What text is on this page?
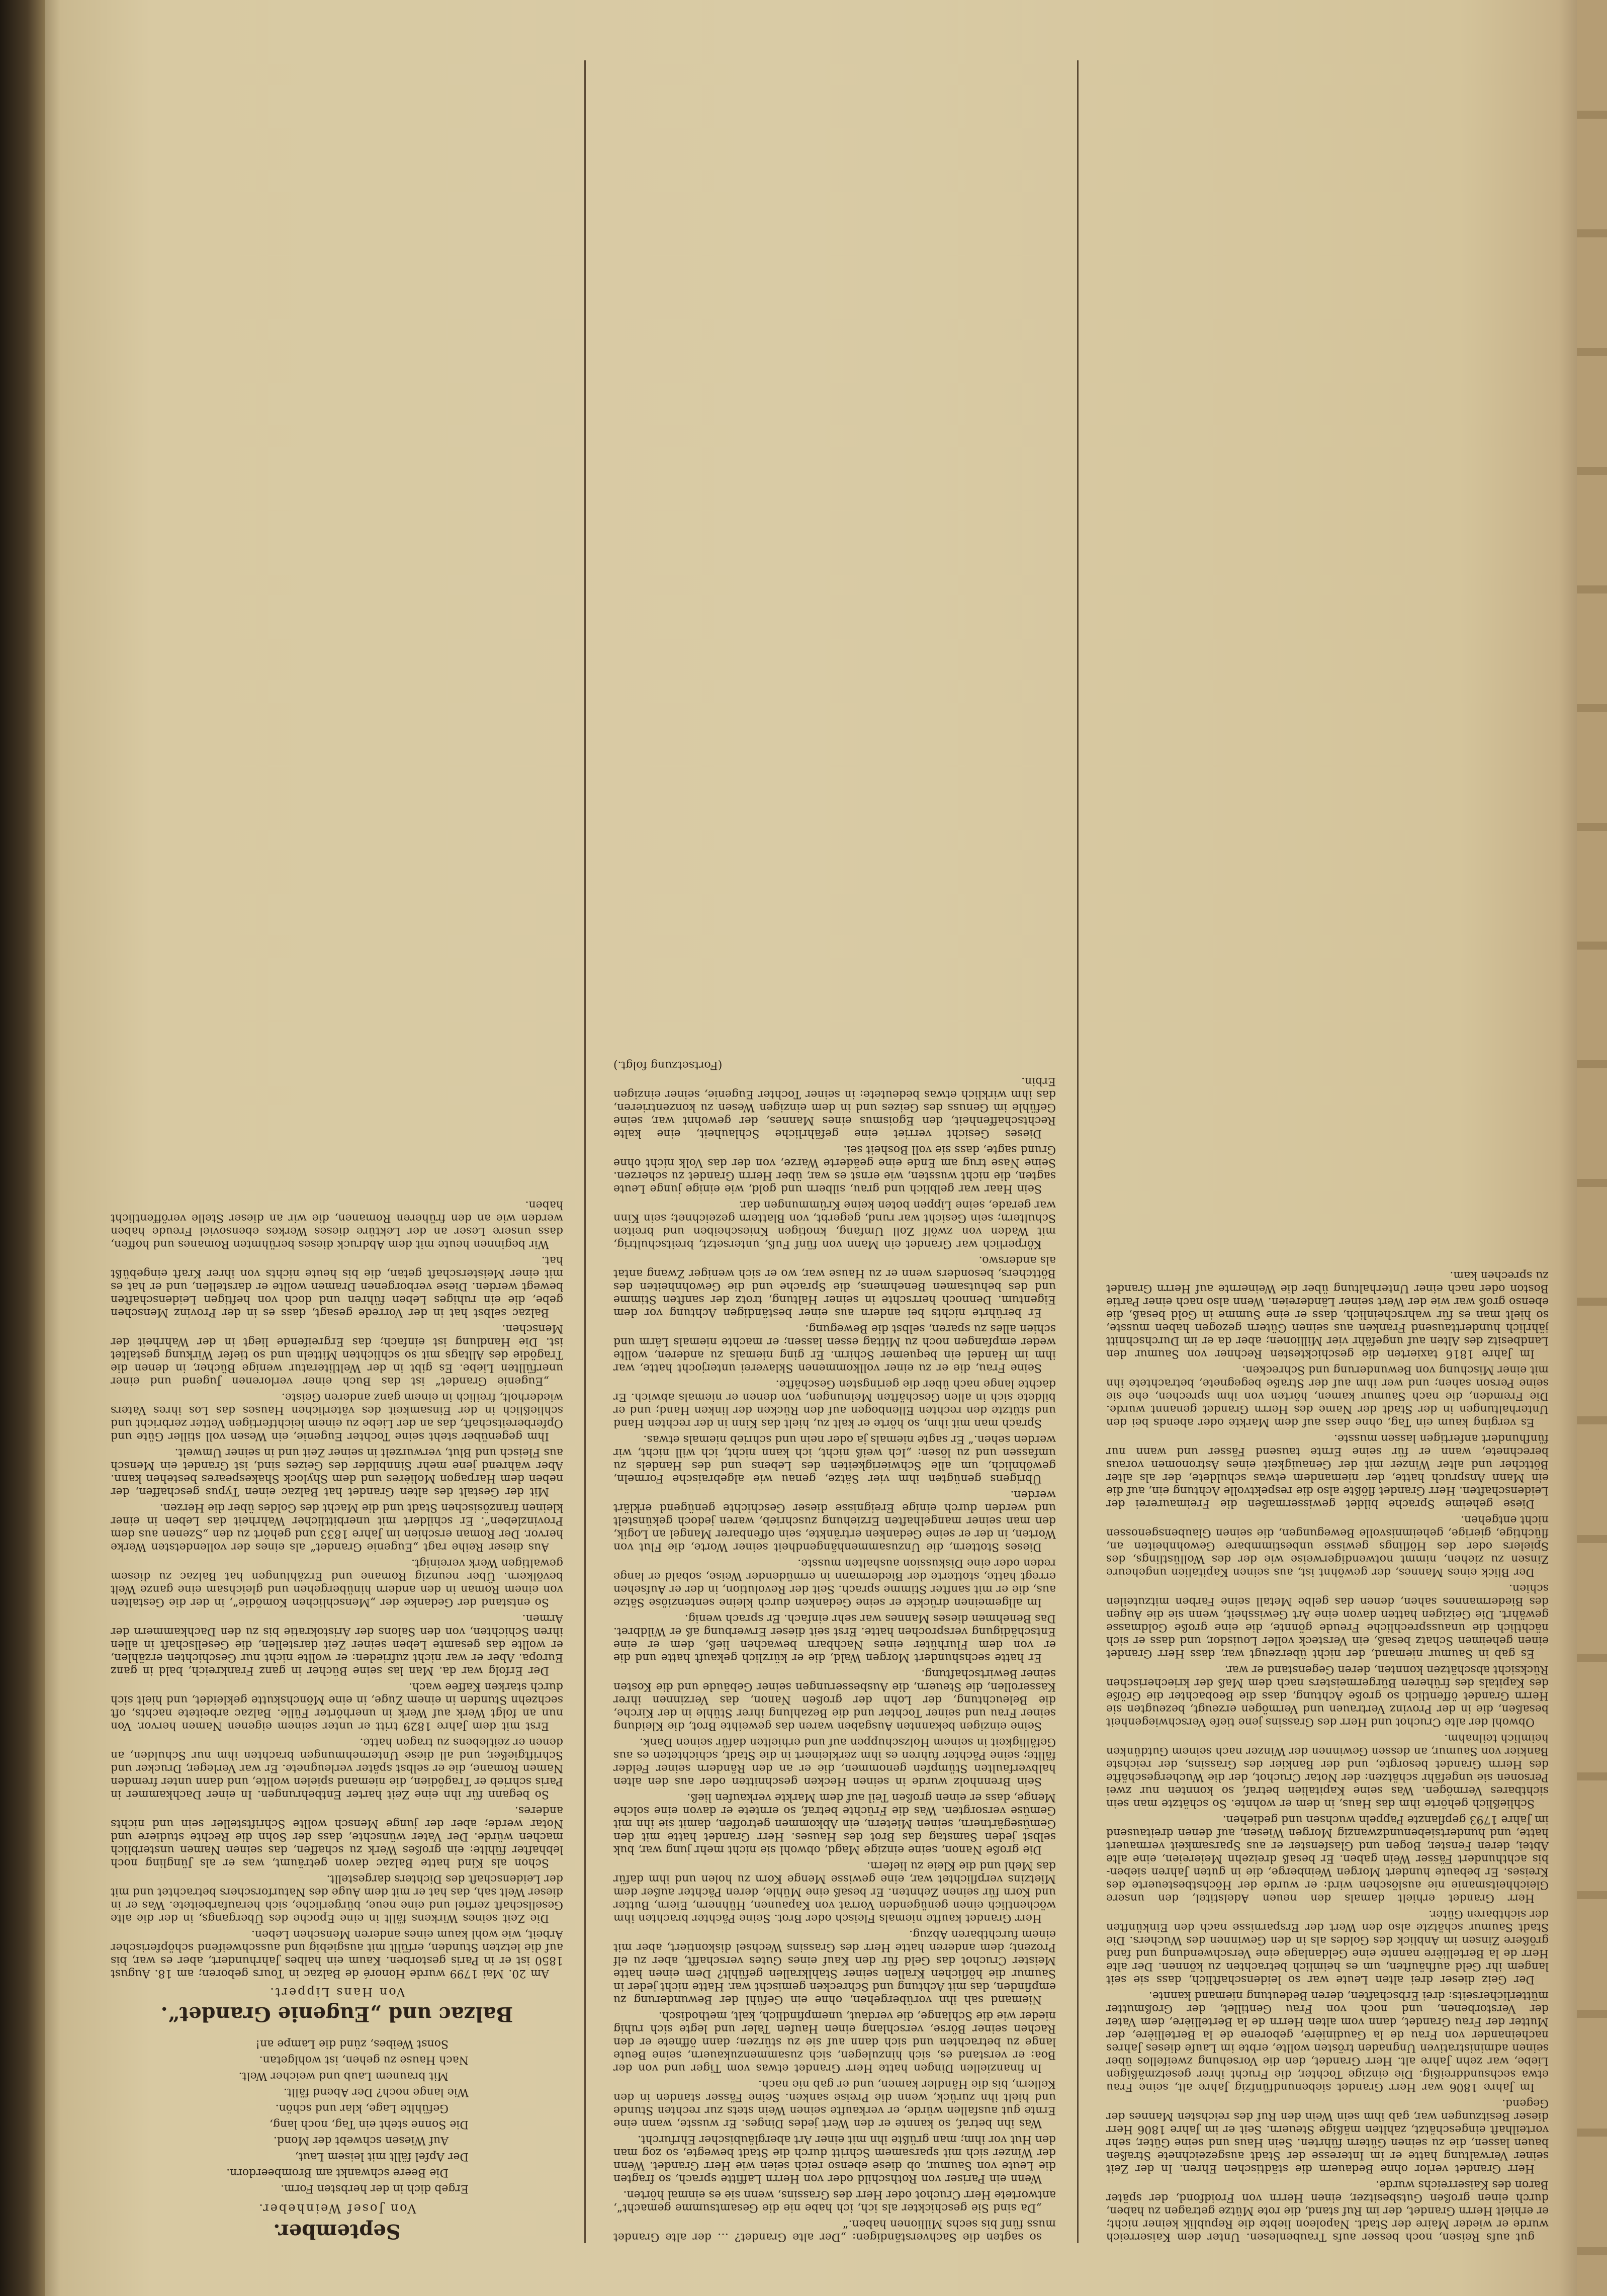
gut aufs Reisen, noch besser aufs Traubenlesen. Unter dem Kaiserreich wurde er wieder Maire der Stadt. Napoleon liebte die Republik keiner nicht; er erhielt Herrn Grandet, der im Ruf stand, die rote Mütze getragen zu haben, durch einen großen Gutsbesitzer, einen Herrn von Froidfond, der später Baron des Kaiserreichs wurde.

Herr Grandet verlor ohne Bedauern die städtischen Ehren. In der Zeit seiner Verwaltung hatte er im Interesse der Stadt ausgezeichnete Straßen bauen lassen, die zu seinen Gütern führten. Sein Haus und seine Güter, sehr vorteilhaft eingeschätzt, zahlten mäßige Steuern. Seit er im Jahre 1806 Herr dieser Besitzungen war, gab ihm sein Wein den Ruf des reichsten Mannes der Gegend.

Im Jahre 1806 war Herr Grandet siebenundfünfzig Jahre alt, seine Frau etwa sechsunddreißig. Die einzige Tochter, die Frucht ihrer gesetzmäßigen Liebe, war zehn Jahre alt. Herr Grandet, den die Vorsehung zweifellos über seinen administrativen Ungnaden trösten wollte, erbte im Laufe dieses Jahres nacheinander von Frau de la Gaudinière, geborene de la Bertellière, der Mutter der Frau Grandet, dann vom alten Herrn de la Bertellière, dem Vater der Verstorbenen, und noch von Frau Gentillet, der Großmutter mütterlicherseits: drei Erbschaften, deren Bedeutung niemand kannte.

Der Geiz dieser drei alten Leute war so leidenschaftlich, dass sie seit langem ihr Geld aufhäuften, um es heimlich betrachten zu können. Der alte Herr de la Bertellière nannte eine Geldanlage eine Verschwendung und fand größere Zinsen im Anblick des Goldes als in den Gewinnen des Wuchers. Die Stadt Saumur schätzte also den Wert der Ersparnisse nach den Einkünften der sichtbaren Güter.

Herr Grandet erhielt damals den neuen Adelstitel, den unsere Gleichheitsmanie nie auslöschen wird: er wurde der Höchstbesteuerte des Kreises. Er bebaute hundert Morgen Weinberge, die in guten Jahren sieben- bis achthundert Fässer Wein gaben. Er besaß dreizehn Meiereien, eine alte Abtei, deren Fenster, Bogen und Glasfenster er aus Sparsamkeit vermauert hatte, und hundertsiebenundzwanzig Morgen Wiesen, auf denen dreitausend im Jahre 1793 gepflanzte Pappeln wuchsen und gediehen.

Schließlich gehörte ihm das Haus, in dem er wohnte. So schätzte man sein sichtbares Vermögen. Was seine Kapitalien betraf, so konnten nur zwei Personen sie ungefähr schätzen: der Notar Cruchot, der die Wuchergeschäfte des Herrn Grandet besorgte, und der Bankier des Grassins, der reichste Bankier von Saumur, an dessen Gewinnen der Winzer nach seinem Gutdünken heimlich teilnahm.

Obwohl der alte Cruchot und Herr des Grassins jene tiefe Verschwiegenheit besaßen, die in der Provinz Vertrauen und Vermögen erzeugt, bezeugten sie Herrn Grandet öffentlich so große Achtung, dass die Beobachter die Größe des Kapitals des früheren Bürgermeisters nach dem Maß der kriecherischen Rücksicht abschätzen konnten, deren Gegenstand er war.

Es gab in Saumur niemand, der nicht überzeugt war, dass Herr Grandet einen geheimen Schatz besaß, ein Versteck voller Louisdor, und dass er sich nächtlich die unaussprechliche Freude gönnte, die eine große Goldmasse gewährt. Die Geizigen hatten davon eine Art Gewissheit, wenn sie die Augen des Biedermannes sahen, denen das gelbe Metall seine Farben mitzuteilen schien.

Der Blick eines Mannes, der gewöhnt ist, aus seinen Kapitalien ungeheure Zinsen zu ziehen, nimmt notwendigerweise wie der des Wollüstlings, des Spielers oder des Höflings gewisse unbestimmbare Gewohnheiten an, flüchtige, gierige, geheimnisvolle Bewegungen, die seinen Glaubensgenossen nicht entgehen.

Diese geheime Sprache bildet gewissermaßen die Freimaurerei der Leidenschaften. Herr Grandet flößte also die respektvolle Achtung ein, auf die ein Mann Anspruch hatte, der niemandem etwas schuldete, der als alter Böttcher und alter Winzer mit der Genauigkeit eines Astronomen voraus berechnete, wann er für seine Ernte tausend Fässer und wann nur fünfhundert anfertigen lassen musste.

Es verging kaum ein Tag, ohne dass auf dem Markte oder abends bei den Unterhaltungen in der Stadt der Name des Herrn Grandet genannt wurde. Die Fremden, die nach Saumur kamen, hörten von ihm sprechen, ehe sie seine Person sahen; und wer ihm auf der Straße begegnete, betrachtete ihn mit einer Mischung von Bewunderung und Schrecken.

Im Jahre 1816 taxierten die geschicktesten Rechner von Saumur den Landbesitz des Alten auf ungefähr vier Millionen; aber da er im Durchschnitt jährlich hunderttausend Franken aus seinen Gütern gezogen haben musste, so hielt man es für wahrscheinlich, dass er eine Summe in Gold besaß, die ebenso groß war wie der Wert seiner Ländereien. Wenn also nach einer Partie Boston oder nach einer Unterhaltung über die Weinernte auf Herrn Grandet zu sprechen kam.

so sagten die Sachverständigen: „Der alte Grandet? … der alte Grandet muss fünf bis sechs Millionen haben.“

„Da sind Sie geschickter als ich, ich habe nie die Gesamtsumme gemacht“, antwortete Herr Cruchot oder Herr des Grassins, wenn sie es einmal hörten.

Wenn ein Pariser von Rothschild oder von Herrn Laffitte sprach, so fragten die Leute von Saumur, ob diese ebenso reich seien wie Herr Grandet. Wenn der Winzer sich mit sparsamem Schritt durch die Stadt bewegte, so zog man den Hut vor ihm; man grüßte ihn mit einer Art abergläubischer Ehrfurcht.

Was ihn betraf, so kannte er den Wert jedes Dinges. Er wusste, wann eine Ernte gut ausfallen würde, er verkaufte seinen Wein stets zur rechten Stunde und hielt ihn zurück, wenn die Preise sanken. Seine Fässer standen in den Kellern, bis die Händler kamen, und er gab nie nach.

In finanziellen Dingen hatte Herr Grandet etwas vom Tiger und von der Boa: er verstand es, sich hinzulegen, sich zusammenzukauern, seine Beute lange zu betrachten und sich dann auf sie zu stürzen; dann öffnete er den Rachen seiner Börse, verschlang einen Haufen Taler und legte sich ruhig nieder wie die Schlange, die verdaut, unempfindlich, kalt, methodisch.

Niemand sah ihn vorübergehen, ohne ein Gefühl der Bewunderung zu empfinden, das mit Achtung und Schrecken gemischt war. Hatte nicht jeder in Saumur die höflichen Krallen seiner Stahlkrallen gefühlt? Dem einen hatte Meister Cruchot das Geld für den Kauf eines Gutes verschafft, aber zu elf Prozent; dem anderen hatte Herr des Grassins Wechsel diskontiert, aber mit einem furchtbaren Abzug.

Herr Grandet kaufte niemals Fleisch oder Brot. Seine Pächter brachten ihm wöchentlich einen genügenden Vorrat von Kapaunen, Hühnern, Eiern, Butter und Korn für seinen Zehnten. Er besaß eine Mühle, deren Pächter außer dem Mietzins verpflichtet war, eine gewisse Menge Korn zu holen und ihm dafür das Mehl und die Kleie zu liefern.

Die große Nanon, seine einzige Magd, obwohl sie nicht mehr jung war, buk selbst jeden Samstag das Brot des Hauses. Herr Grandet hatte mit den Gemüsegärtnern, seinen Mietern, ein Abkommen getroffen, damit sie ihn mit Gemüse versorgten. Was die Früchte betraf, so erntete er davon eine solche Menge, dass er einen großen Teil auf dem Markte verkaufen ließ.

Sein Brennholz wurde in seinen Hecken geschnitten oder aus den alten halbverfaulten Stümpfen genommen, die er an den Rändern seiner Felder fällte; seine Pächter fuhren es ihm zerkleinert in die Stadt, schichteten es aus Gefälligkeit in seinem Holzschuppen auf und erhielten dafür seinen Dank.

Seine einzigen bekannten Ausgaben waren das geweihte Brot, die Kleidung seiner Frau und seiner Tochter und die Bezahlung ihrer Stühle in der Kirche, die Beleuchtung, der Lohn der großen Nanon, das Verzinnen ihrer Kasserollen, die Steuern, die Ausbesserungen seiner Gebäude und die Kosten seiner Bewirtschaftung.

Er hatte sechshundert Morgen Wald, die er kürzlich gekauft hatte und die er von dem Flurhüter eines Nachbarn bewachen ließ, dem er eine Entschädigung versprochen hatte. Erst seit dieser Erwerbung aß er Wildbret. Das Benehmen dieses Mannes war sehr einfach. Er sprach wenig.

Im allgemeinen drückte er seine Gedanken durch kleine sentenziöse Sätze aus, die er mit sanfter Stimme sprach. Seit der Revolution, in der er Aufsehen erregt hatte, stotterte der Biedermann in ermüdender Weise, sobald er lange reden oder eine Diskussion aushalten musste.

Dieses Stottern, die Unzusammenhängendheit seiner Worte, die Flut von Worten, in der er seine Gedanken ertränkte, sein offenbarer Mangel an Logik, den man seiner mangelhaften Erziehung zuschrieb, waren jedoch gekünstelt und werden durch einige Ereignisse dieser Geschichte genügend erklärt werden.

Übrigens genügten ihm vier Sätze, genau wie algebraische Formeln, gewöhnlich, um alle Schwierigkeiten des Lebens und des Handels zu umfassen und zu lösen: „Ich weiß nicht, ich kann nicht, ich will nicht, wir werden sehen.“ Er sagte niemals ja oder nein und schrieb niemals etwas.

Sprach man mit ihm, so hörte er kalt zu, hielt das Kinn in der rechten Hand und stützte den rechten Ellenbogen auf den Rücken der linken Hand; und er bildete sich in allen Geschäften Meinungen, von denen er niemals abwich. Er dachte lange nach über die geringsten Geschäfte.

Seine Frau, die er zu einer vollkommenen Sklaverei unterjocht hatte, war ihm im Handel ein bequemer Schirm. Er ging niemals zu anderen, wollte weder empfangen noch zu Mittag essen lassen; er machte niemals Lärm und schien alles zu sparen, selbst die Bewegung.

Er berührte nichts bei andern aus einer beständigen Achtung vor dem Eigentum. Dennoch herrschte in seiner Haltung, trotz der sanften Stimme und des behutsamen Benehmens, die Sprache und die Gewohnheiten des Böttchers, besonders wenn er zu Hause war, wo er sich weniger Zwang antat als anderswo.

Körperlich war Grandet ein Mann von fünf Fuß, untersetzt, breitschultrig, mit Waden von zwölf Zoll Umfang, knotigen Kniescheiben und breiten Schultern; sein Gesicht war rund, gegerbt, von Blattern gezeichnet; sein Kinn war gerade, seine Lippen boten keine Krümmungen dar.

Sein Haar war gelblich und grau, silbern und gold, wie einige junge Leute sagten, die nicht wussten, wie ernst es war, über Herrn Grandet zu scherzen. Seine Nase trug am Ende eine geäderte Warze, von der das Volk nicht ohne Grund sagte, dass sie voll Bosheit sei.

Dieses Gesicht verriet eine gefährliche Schlauheit, eine kalte Rechtschaffenheit, den Egoismus eines Mannes, der gewohnt war, seine Gefühle im Genuss des Geizes und in dem einzigen Wesen zu konzentrieren, das ihm wirklich etwas bedeutete: in seiner Tochter Eugenie, seiner einzigen Erbin.

(Fortsetzung folgt.)

September.
Von Josef Weinheber.

Ergeb dich in der herbsten Form.

Die Beere schwankt am Brombeerdorn.

Der Apfel fällt mit leisem Laut,

Auf Wiesen schwebt der Mond.

Die Sonne steht ein Tag, noch lang,

Gefühlte Lage, klar und schön.

Wie lange noch? Der Abend fällt.

Mit braunem Laub und weicher Welt.

Nach Hause zu gehen, ist wohlgetan.

Sonst Weibes, zünd die Lampe an!

Balzac und „Eugenie Grandet“.
Von Hans Lippert.

Am 20. Mai 1799 wurde Honoré de Balzac in Tours geboren; am 18. August 1850 ist er in Paris gestorben. Kaum ein halbes Jahrhundert, aber es war, bis auf die letzten Stunden, erfüllt mit ausgiebig und ausschweifend schöpferischer Arbeit, wie wohl kaum eines anderen Menschen Leben.

Die Zeit seines Wirkens fällt in eine Epoche des Übergangs, in der die alte Gesellschaft zerfiel und eine neue, bürgerliche, sich heraufarbeitete. Was er in dieser Welt sah, das hat er mit dem Auge des Naturforschers betrachtet und mit der Leidenschaft des Dichters dargestellt.

Schon als Kind hatte Balzac davon geträumt, was er als Jüngling noch lebhafter fühlte: ein großes Werk zu schaffen, das seinen Namen unsterblich machen würde. Der Vater wünschte, dass der Sohn die Rechte studiere und Notar werde; aber der junge Mensch wollte Schriftsteller sein und nichts anderes.

So begann für ihn eine Zeit harter Entbehrungen. In einer Dachkammer in Paris schrieb er Tragödien, die niemand spielen wollte, und dann unter fremden Namen Romane, die er selbst später verleugnete. Er war Verleger, Drucker und Schriftgießer, und all diese Unternehmungen brachten ihm nur Schulden, an denen er zeitlebens zu tragen hatte.

Erst mit dem Jahre 1829 tritt er unter seinem eigenen Namen hervor. Von nun an folgt Werk auf Werk in unerhörter Fülle. Balzac arbeitete nachts, oft sechzehn Stunden in einem Zuge, in eine Mönchskutte gekleidet, und hielt sich durch starken Kaffee wach.

Der Erfolg war da. Man las seine Bücher in ganz Frankreich, bald in ganz Europa. Aber er war nicht zufrieden: er wollte nicht nur Geschichten erzählen, er wollte das gesamte Leben seiner Zeit darstellen, die Gesellschaft in allen ihren Schichten, von den Salons der Aristokratie bis zu den Dachkammern der Armen.

So entstand der Gedanke der „Menschlichen Komödie“, in der die Gestalten von einem Roman in den andern hinübergehen und gleichsam eine ganze Welt bevölkern. Über neunzig Romane und Erzählungen hat Balzac zu diesem gewaltigen Werk vereinigt.

Aus dieser Reihe ragt „Eugenie Grandet“ als eines der vollendetsten Werke hervor. Der Roman erschien im Jahre 1833 und gehört zu den „Szenen aus dem Provinzleben“. Er schildert mit unerbittlicher Wahrheit das Leben in einer kleinen französischen Stadt und die Macht des Goldes über die Herzen.

Mit der Gestalt des alten Grandet hat Balzac einen Typus geschaffen, der neben dem Harpagon Molières und dem Shylock Shakespeares bestehen kann. Aber während jene mehr Sinnbilder des Geizes sind, ist Grandet ein Mensch aus Fleisch und Blut, verwurzelt in seiner Zeit und in seiner Umwelt.

Ihm gegenüber steht seine Tochter Eugenie, ein Wesen voll stiller Güte und Opferbereitschaft, das an der Liebe zu einem leichtfertigen Vetter zerbricht und schließlich in der Einsamkeit des väterlichen Hauses das Los ihres Vaters wiederholt, freilich in einem ganz anderen Geiste.

„Eugenie Grandet“ ist das Buch einer verlorenen Jugend und einer unerfüllten Liebe. Es gibt in der Weltliteratur wenige Bücher, in denen die Tragödie des Alltags mit so schlichten Mitteln und so tiefer Wirkung gestaltet ist. Die Handlung ist einfach; das Ergreifende liegt in der Wahrheit der Menschen.

Balzac selbst hat in der Vorrede gesagt, dass es in der Provinz Menschen gebe, die ein ruhiges Leben führen und doch von heftigen Leidenschaften bewegt werden. Diese verborgenen Dramen wollte er darstellen, und er hat es mit einer Meisterschaft getan, die bis heute nichts von ihrer Kraft eingebüßt hat.

Wir beginnen heute mit dem Abdruck dieses berühmten Romanes und hoffen, dass unsere Leser an der Lektüre dieses Werkes ebensoviel Freude haben werden wie an den früheren Romanen, die wir an dieser Stelle veröffentlicht haben.
